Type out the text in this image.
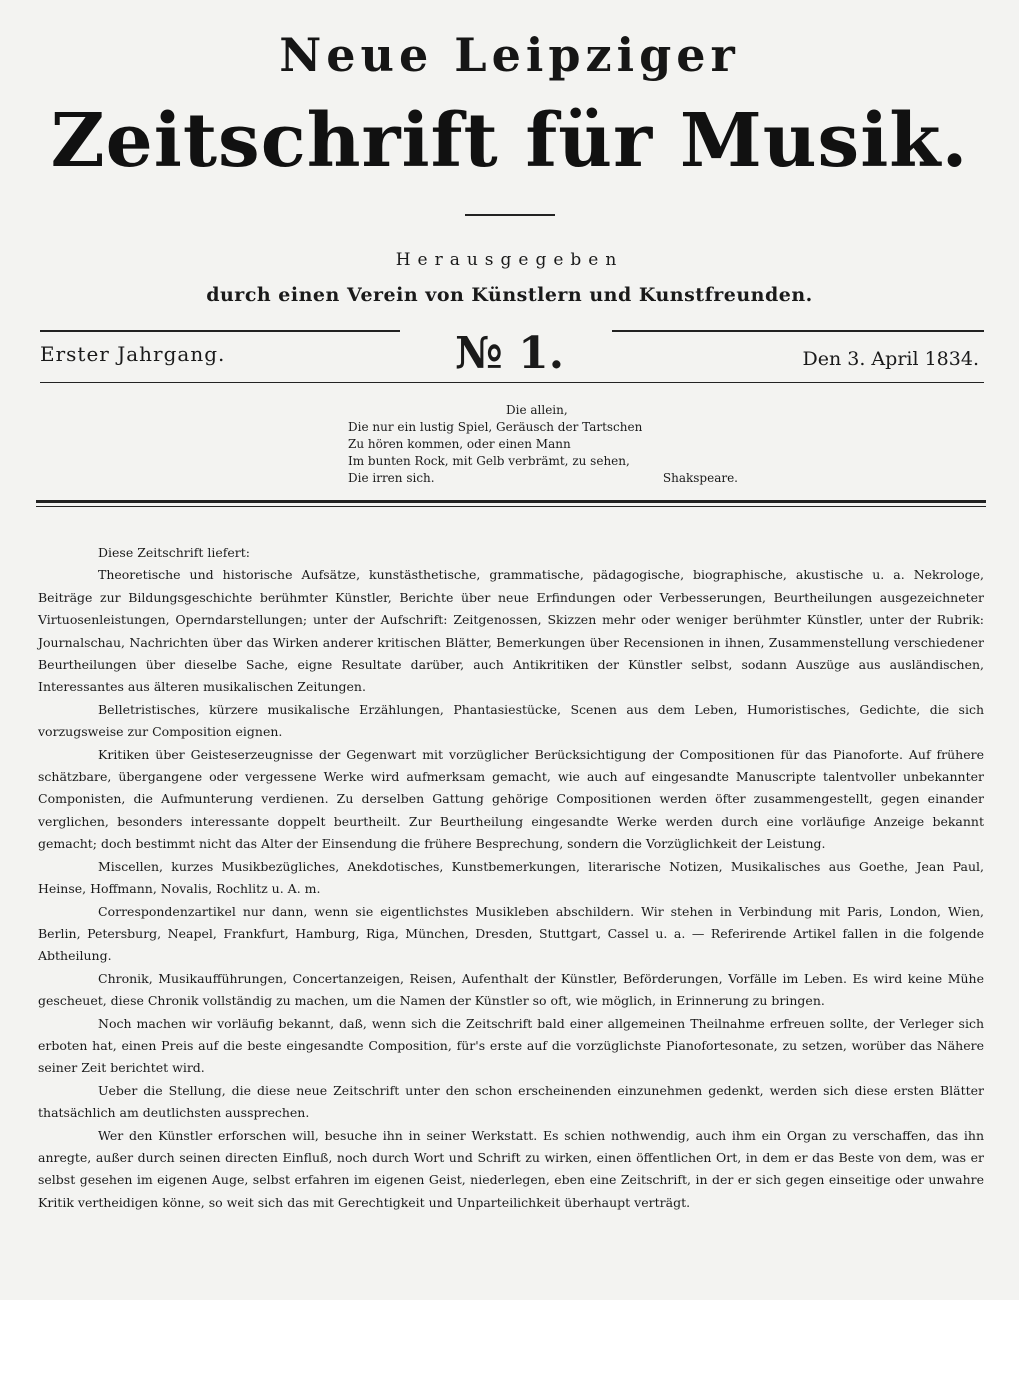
Neue Leipziger
Zeitschrift für Musik.
Herausgegeben
durch einen Verein von Künstlern und Kunstfreunden.
Erster Jahrgang.	№ 1.	Den 3. April 1834.
Die allein,
Die nur ein lustig Spiel, Geräusch der Tartschen
Zu hören kommen, oder einen Mann
Im bunten Rock, mit Gelb verbrämt, zu sehen,
Die irren sich.	Shakspeare.

Diese Zeitschrift liefert:

Theoretische und historische Aufsätze, kunstästhetische, grammatische, pädagogische, biographische, akustische u. a. Nekrologe, Beiträge zur Bildungsgeschichte berühmter Künstler, Berichte über neue Erfindungen oder Verbesserungen, Beurtheilungen ausgezeichneter Virtuosenleistungen, Operndarstellungen; unter der Aufschrift: Zeitgenossen, Skizzen mehr oder weniger berühmter Künstler, unter der Rubrik: Journalschau, Nachrichten über das Wirken anderer kritischen Blätter, Bemerkungen über Recensionen in ihnen, Zusammenstellung verschiedener Beurtheilungen über dieselbe Sache, eigne Resultate darüber, auch Antikritiken der Künstler selbst, sodann Auszüge aus ausländischen, Interessantes aus älteren musikalischen Zeitungen.

Belletristisches, kürzere musikalische Erzählungen, Phantasiestücke, Scenen aus dem Leben, Humoristisches, Gedichte, die sich vorzugsweise zur Composition eignen.

Kritiken über Geisteserzeugnisse der Gegenwart mit vorzüglicher Berücksichtigung der Compositionen für das Pianoforte. Auf frühere schätzbare, übergangene oder vergessene Werke wird aufmerksam gemacht, wie auch auf eingesandte Manuscripte talentvoller unbekannter Componisten, die Aufmunterung verdienen. Zu derselben Gattung gehörige Compositionen werden öfter zusammengestellt, gegen einander verglichen, besonders interessante doppelt beurtheilt. Zur Beurtheilung eingesandte Werke werden durch eine vorläufige Anzeige bekannt gemacht; doch bestimmt nicht das Alter der Einsendung die frühere Besprechung, sondern die Vorzüglichkeit der Leistung.

Miscellen, kurzes Musikbezügliches, Anekdotisches, Kunstbemerkungen, literarische Notizen, Musikalisches aus Goethe, Jean Paul, Heinse, Hoffmann, Novalis, Rochlitz u. A. m.

Correspondenzartikel nur dann, wenn sie eigentlichstes Musikleben abschildern. Wir stehen in Verbindung mit Paris, London, Wien, Berlin, Petersburg, Neapel, Frankfurt, Hamburg, Riga, München, Dresden, Stuttgart, Cassel u. a. — Referirende Artikel fallen in die folgende Abtheilung.

Chronik, Musikaufführungen, Concertanzeigen, Reisen, Aufenthalt der Künstler, Beförderungen, Vorfälle im Leben. Es wird keine Mühe gescheuet, diese Chronik vollständig zu machen, um die Namen der Künstler so oft, wie möglich, in Erinnerung zu bringen.

Noch machen wir vorläufig bekannt, daß, wenn sich die Zeitschrift bald einer allgemeinen Theilnahme erfreuen sollte, der Verleger sich erboten hat, einen Preis auf die beste eingesandte Composition, für's erste auf die vorzüglichste Pianofortesonate, zu setzen, worüber das Nähere seiner Zeit berichtet wird.

Ueber die Stellung, die diese neue Zeitschrift unter den schon erscheinenden einzunehmen gedenkt, werden sich diese ersten Blätter thatsächlich am deutlichsten aussprechen.

Wer den Künstler erforschen will, besuche ihn in seiner Werkstatt. Es schien nothwendig, auch ihm ein Organ zu verschaffen, das ihn anregte, außer durch seinen directen Einfluß, noch durch Wort und Schrift zu wirken, einen öffentlichen Ort, in dem er das Beste von dem, was er selbst gesehen im eigenen Auge, selbst erfahren im eigenen Geist, niederlegen, eben eine Zeitschrift, in der er sich gegen einseitige oder unwahre Kritik vertheidigen könne, so weit sich das mit Gerechtigkeit und Unparteilichkeit überhaupt verträgt.
